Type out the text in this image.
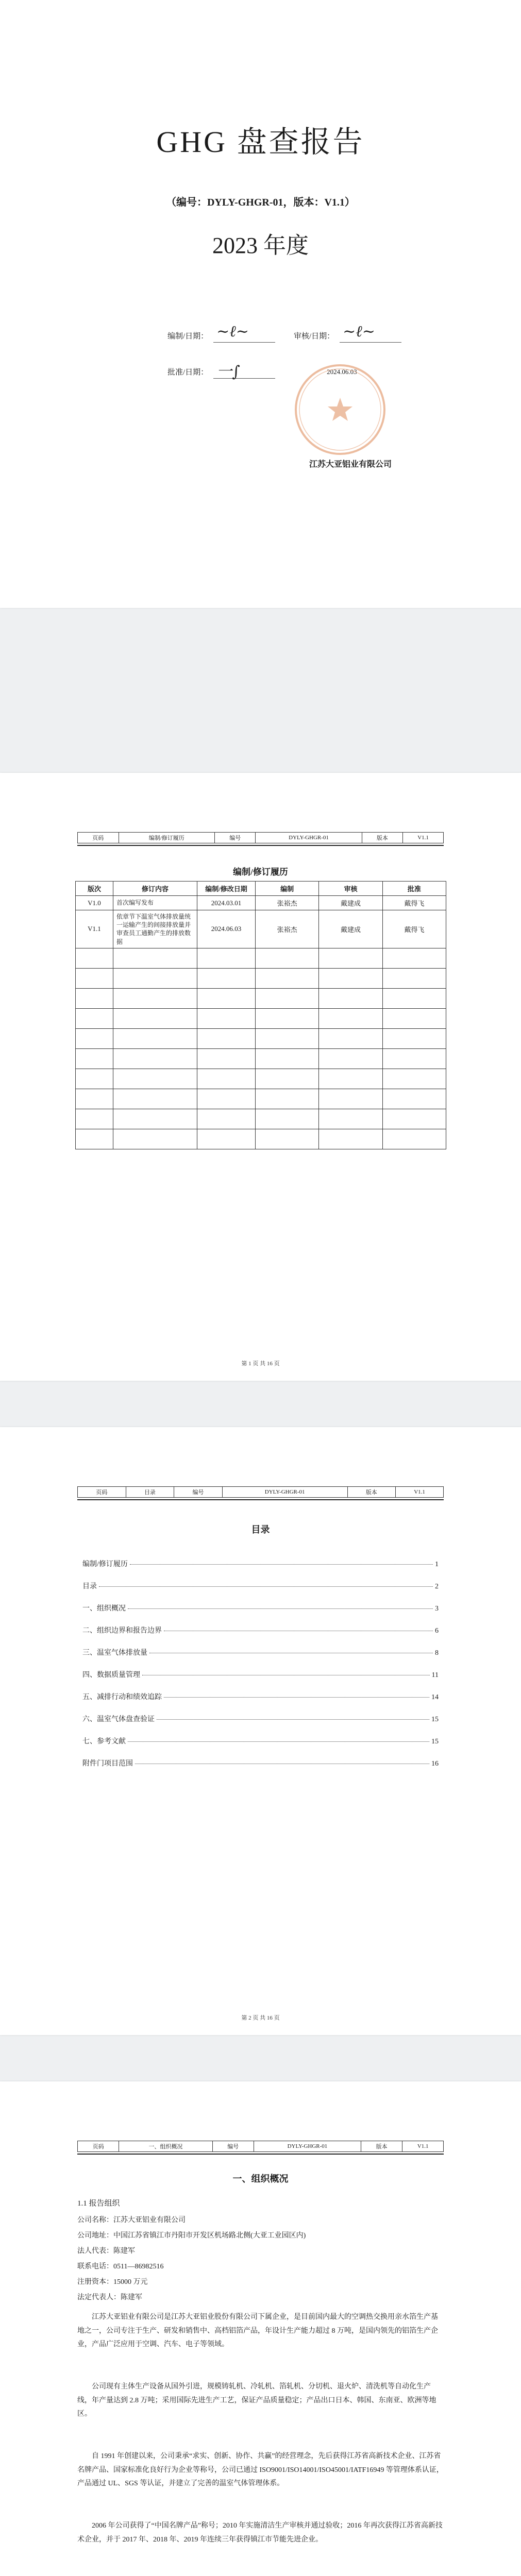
GHG 盘查报告
（编号：DYLY-GHGR-01，版本：V1.1）
2023 年度
编制/日期： ~ℓ~	审核/日期： ~ℓ~
批准/日期： 一∫	2024.06.03
江苏大亚铝业有限公司
页码	编制/修订履历	编号	DYLY-GHGR-01	版本	V1.1
编制/修订履历
版次	修订内容	编制/修改日期	编制	审核	批准
V1.0	首次编写发布	2024.03.01	张裕杰	戴建成	戴得飞
V1.1	依章节下温室气体排放量统一运输产生的间接排放量并审查员工通勤产生的排放数据	2024.06.03	张裕杰	戴建成	戴得飞

第 1 页 共 16 页
页码	目录	编号	DYLY-GHGR-01	版本	V1.1
目录
编制/修订履历	1
目录	2
一、组织概况	3
二、组织边界和报告边界	6
三、温室气体排放量	8
四、数据质量管理	11
五、减排行动和绩效追踪	14
六、温室气体盘查验证	15
七、参考文献	15
附件门项目范围	16
第 2 页 共 16 页
页码	一、组织概况	编号	DYLY-GHGR-01	版本	V1.1
一、组织概况
1.1 报告组织
公司名称：江苏大亚铝业有限公司
公司地址：中国江苏省镇江市丹阳市开发区机场路北侧(大亚工业园区内)
法人代表：陈建军
联系电话：0511—86982516
注册资本：15000 万元
法定代表人：陈建军
江苏大亚铝业有限公司是江苏大亚铝业股份有限公司下属企业，是目前国内最大的空调热交换用亲水箔生产基地之一，公司专注于生产、研发和销售中、高档铝箔产品，年设计生产能力超过 8 万吨，是国内领先的铝箔生产企业，产品广泛应用于空调、汽车、电子等领域。
公司现有主体生产设备从国外引进，规模铸轧机、冷轧机、箔轧机、分切机、退火炉、清洗机等自动化生产线，年产量达到 2.8 万吨；采用国际先进生产工艺，保证产品质量稳定；产品出口日本、韩国、东南亚、欧洲等地区。
自 1991 年创建以来，公司秉承“求实、创新、协作、共赢”的经营理念，先后获得江苏省高新技术企业、江苏省名牌产品、国家标准化良好行为企业等称号，公司已通过 ISO9001/ISO14001/ISO45001/IATF16949 等管理体系认证，产品通过 UL、SGS 等认证，并建立了完善的温室气体管理体系。
2006 年公司获得了“中国名牌产品”称号；2010 年实施清洁生产审核并通过验收；2016 年再次获得江苏省高新技术企业，并于 2017 年、2018 年、2019 年连续三年获得镇江市节能先进企业。
